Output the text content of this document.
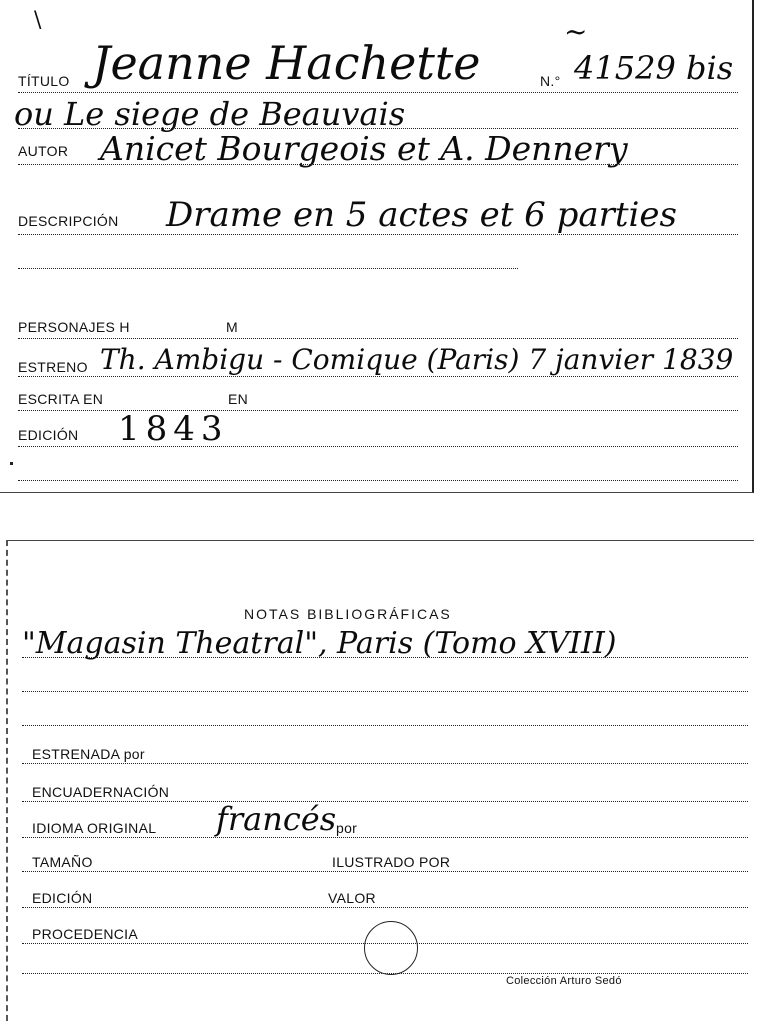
\
TÍTULO Jeanne Hachette	N.° 41529 bis
~
ou Le siege de Beauvais
AUTOR Anicet Bourgeois et A. Dennery
DESCRIPCIÓN Drame en 5 actes et 6 parties
PERSONAJES H	M
ESTRENO Th. Ambigu - Comique (Paris) 7 janvier 1839
ESCRITA EN	EN
EDICIÓN 1843
NOTAS BIBLIOGRÁFICAS
"Magasin Theatral", Paris (Tomo XVIII)
ESTRENADA por
ENCUADERNACIÓN
IDIOMA ORIGINAL francés por
TAMAÑO	ILUSTRADO POR
EDICIÓN	VALOR
PROCEDENCIA
Colección Arturo Sedó
